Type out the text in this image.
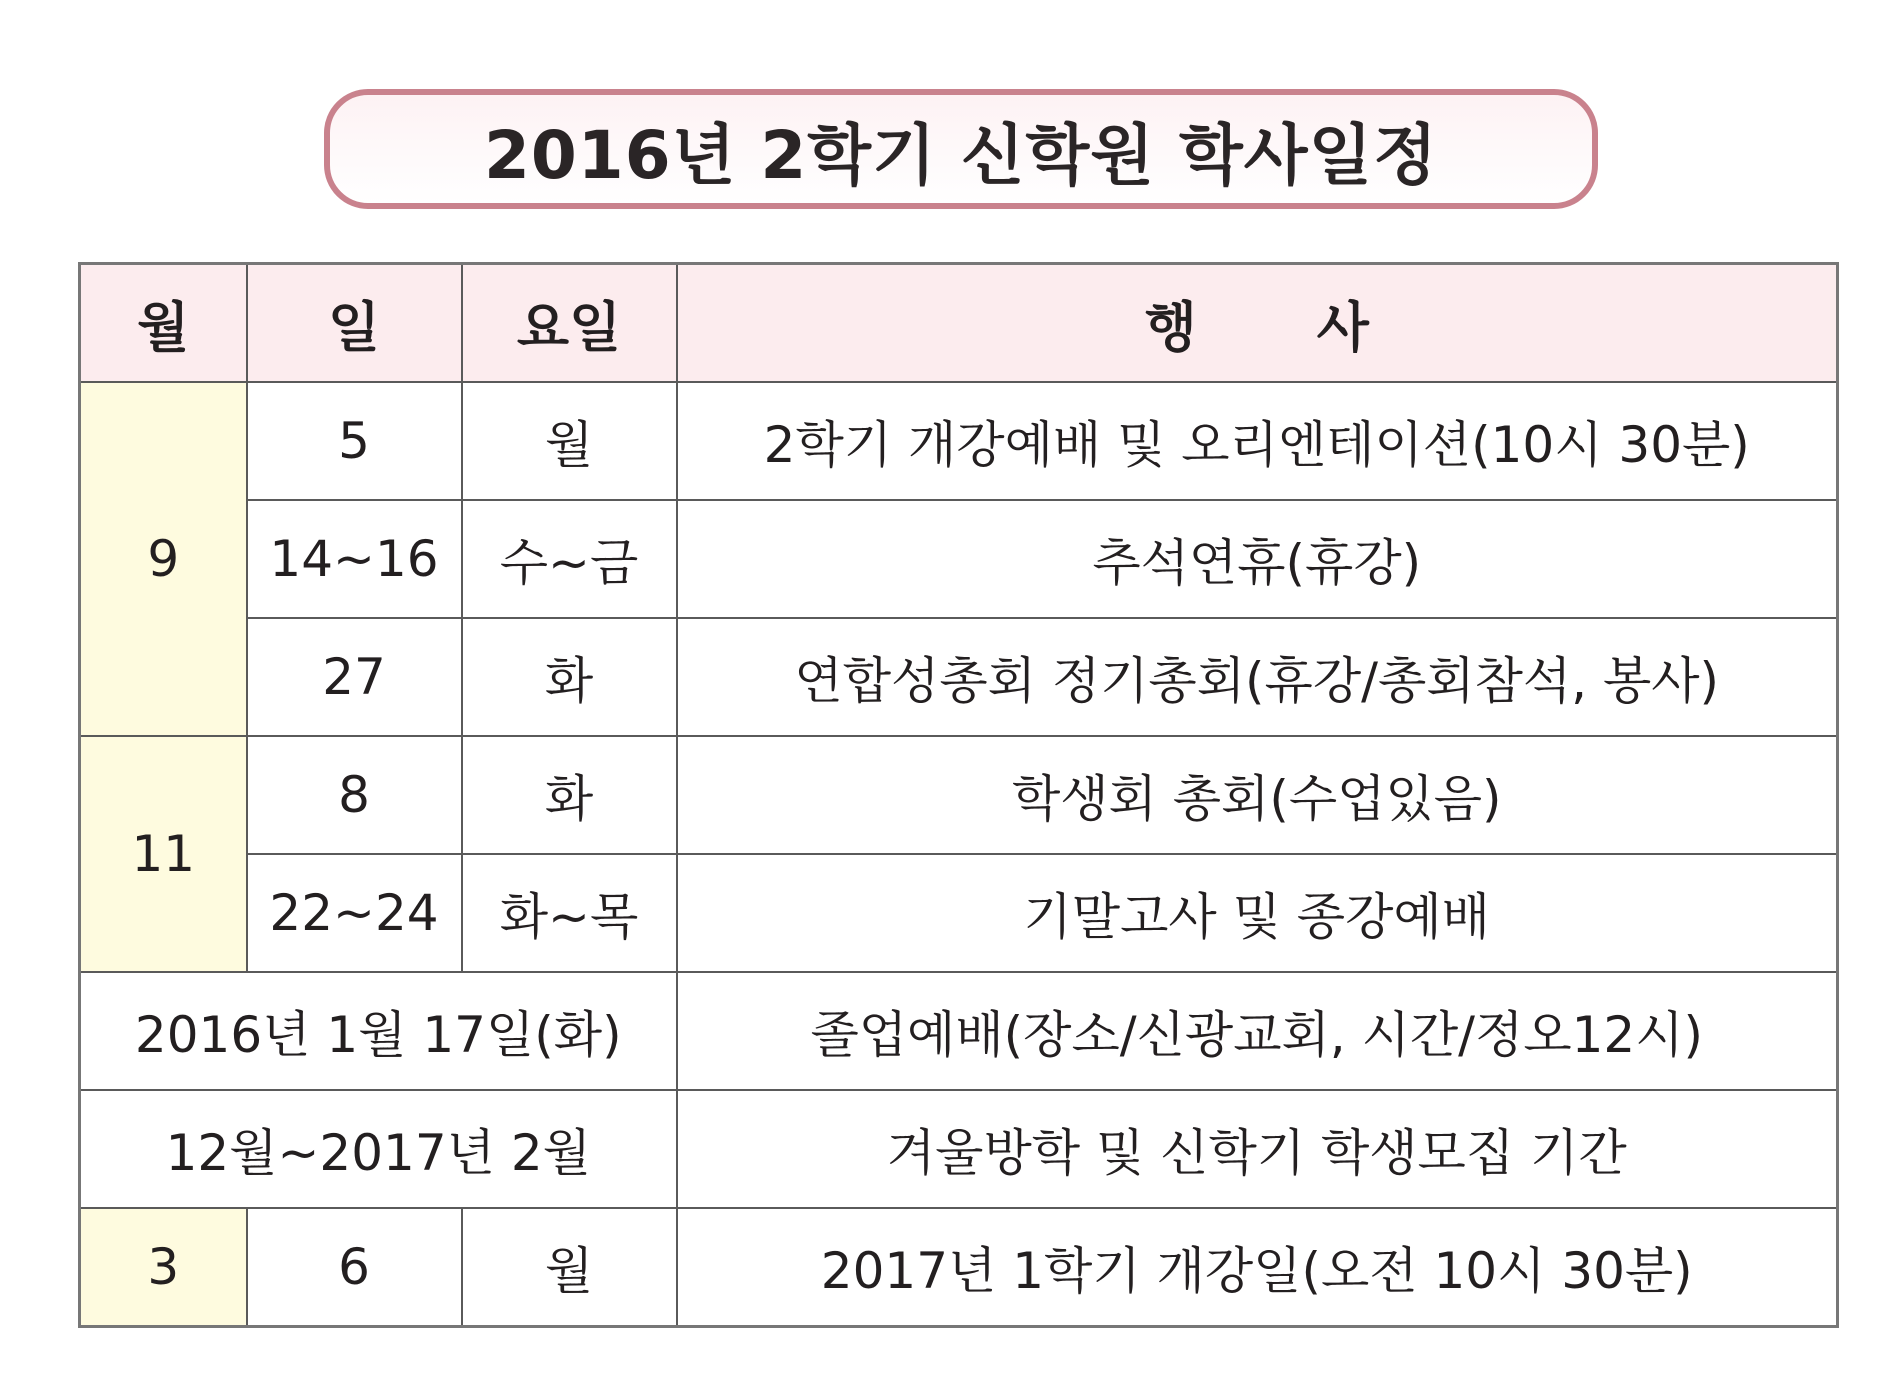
2016년 2학기 신학원 학사일정
월	일	요일	행 사
9	5	월	2학기 개강예배 및 오리엔테이션(10시 30분)
	14~16	수~금	추석연휴(휴강)
	27	화	연합성총회 정기총회(휴강/총회참석, 봉사)
11	8	화	학생회 총회(수업있음)
	22~24	화~목	기말고사 및 종강예배
2016년 1월 17일(화)			졸업예배(장소/신광교회, 시간/정오12시)
12월~2017년 2월			겨울방학 및 신학기 학생모집 기간
3	6	월	2017년 1학기 개강일(오전 10시 30분)
